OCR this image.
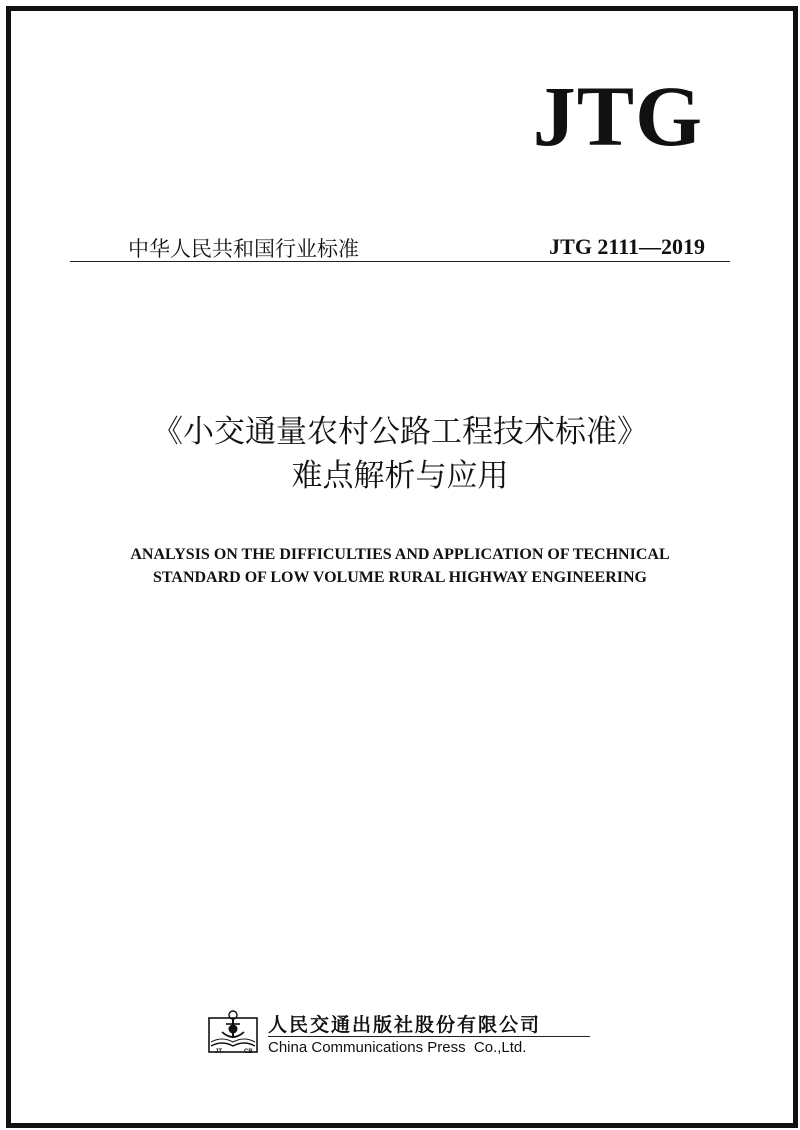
JTG
中华人民共和国行业标准	JTG 2111—2019
《小交通量农村公路工程技术标准》
难点解析与应用
ANALYSIS ON THE DIFFICULTIES AND APPLICATION OF TECHNICAL
STANDARD OF LOW VOLUME RURAL HIGHWAY ENGINEERING
JT	CB
人民交通出版社股份有限公司
China Communications Press  Co.,Ltd.
